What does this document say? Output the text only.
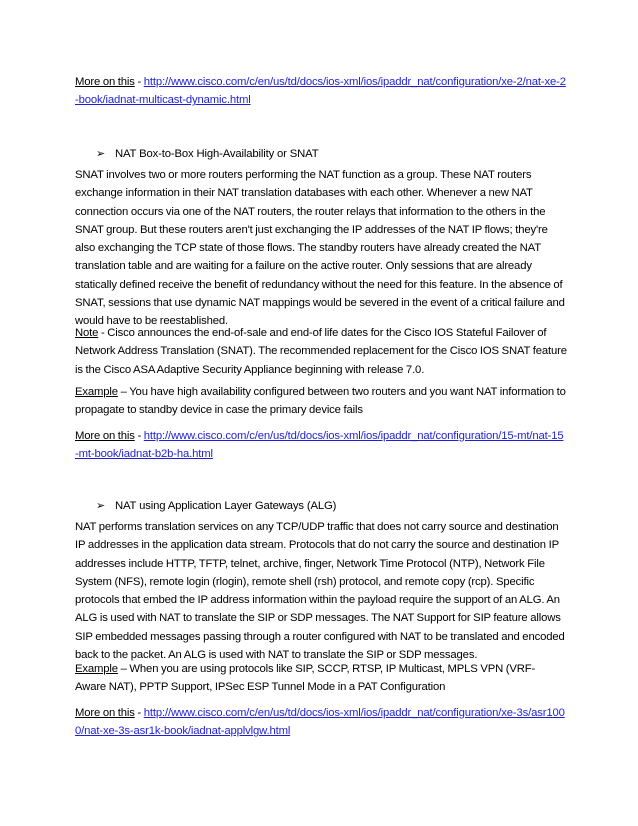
More on this - http://www.cisco.com/c/en/us/td/docs/ios-xml/ios/ipaddr_nat/configuration/xe-2/nat-xe-2-book/iadnat-multicast-dynamic.html
➢ NAT Box-to-Box High-Availability or SNAT
SNAT involves two or more routers performing the NAT function as a group. These NAT routers exchange information in their NAT translation databases with each other. Whenever a new NAT connection occurs via one of the NAT routers, the router relays that information to the others in the SNAT group. But these routers aren't just exchanging the IP addresses of the NAT IP flows; they're also exchanging the TCP state of those flows. The standby routers have already created the NAT translation table and are waiting for a failure on the active router. Only sessions that are already statically defined receive the benefit of redundancy without the need for this feature. In the absence of SNAT, sessions that use dynamic NAT mappings would be severed in the event of a critical failure and would have to be reestablished.
Note - Cisco announces the end-of-sale and end-of life dates for the Cisco IOS Stateful Failover of Network Address Translation (SNAT). The recommended replacement for the Cisco IOS SNAT feature is the Cisco ASA Adaptive Security Appliance beginning with release 7.0.
Example – You have high availability configured between two routers and you want NAT information to propagate to standby device in case the primary device fails
More on this - http://www.cisco.com/c/en/us/td/docs/ios-xml/ios/ipaddr_nat/configuration/15-mt/nat-15-mt-book/iadnat-b2b-ha.html
➢ NAT using Application Layer Gateways (ALG)
NAT performs translation services on any TCP/UDP traffic that does not carry source and destination IP addresses in the application data stream. Protocols that do not carry the source and destination IP addresses include HTTP, TFTP, telnet, archive, finger, Network Time Protocol (NTP), Network File System (NFS), remote login (rlogin), remote shell (rsh) protocol, and remote copy (rcp). Specific protocols that embed the IP address information within the payload require the support of an ALG. An ALG is used with NAT to translate the SIP or SDP messages. The NAT Support for SIP feature allows SIP embedded messages passing through a router configured with NAT to be translated and encoded back to the packet. An ALG is used with NAT to translate the SIP or SDP messages.
Example – When you are using protocols like SIP, SCCP, RTSP, IP Multicast, MPLS VPN (VRF- Aware NAT), PPTP Support, IPSec ESP Tunnel Mode in a PAT Configuration
More on this - http://www.cisco.com/c/en/us/td/docs/ios-xml/ios/ipaddr_nat/configuration/xe-3s/asr1000/nat-xe-3s-asr1k-book/iadnat-applvlgw.html
